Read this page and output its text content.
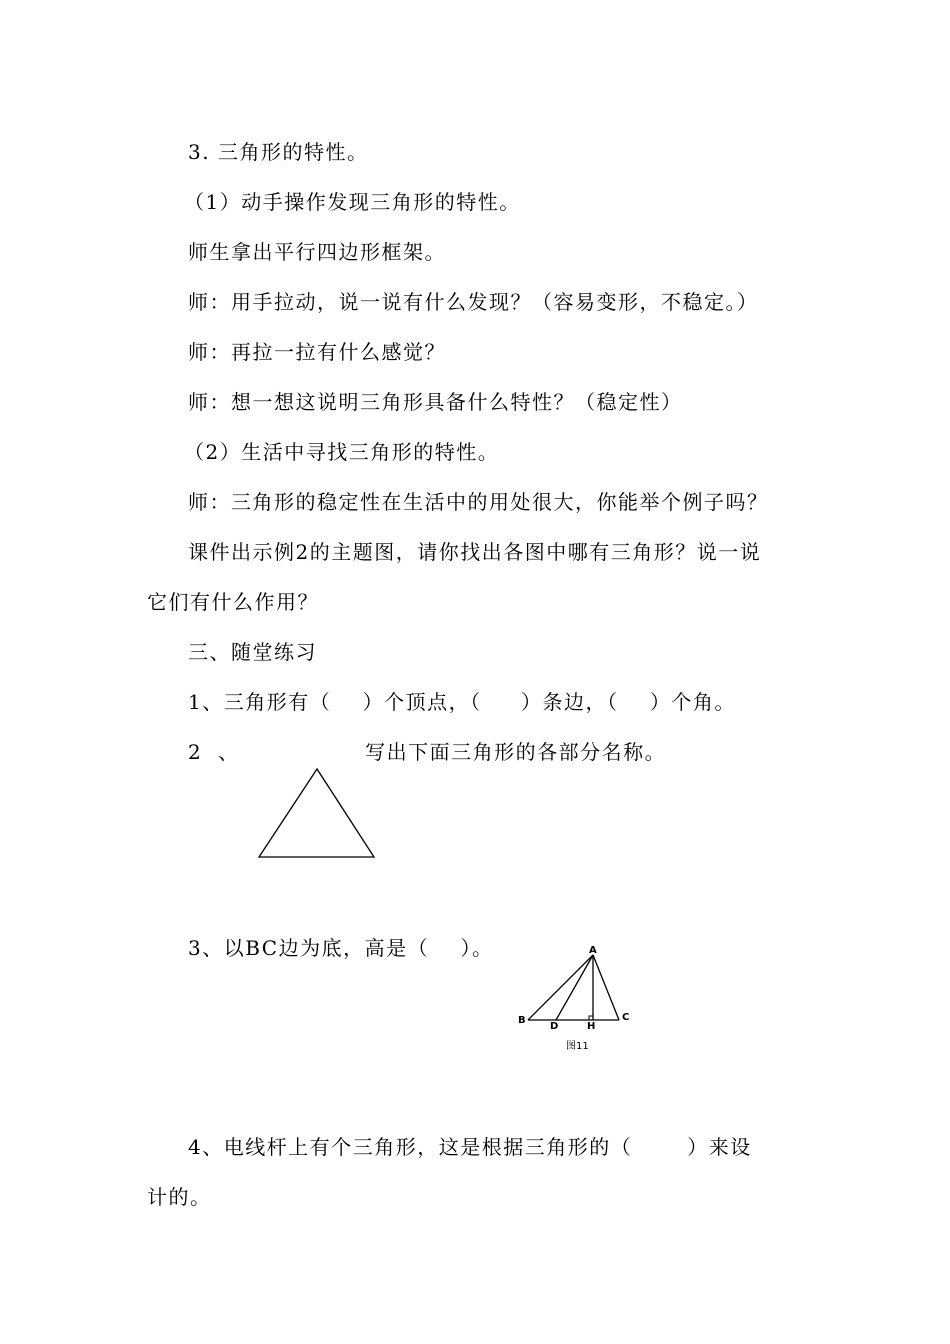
3. 三角形的特性。
（1）动手操作发现三角形的特性。
师生拿出平行四边形框架。
师：用手拉动，说一说有什么发现？（容易变形，不稳定。）
师：再拉一拉有什么感觉？
师：想一想这说明三角形具备什么特性？（稳定性）
（2）生活中寻找三角形的特性。
师：三角形的稳定性在生活中的用处很大，你能举个例子吗？
课件出示例2的主题图，请你找出各图中哪有三角形？说一说
它们有什么作用？
三、随堂练习
1、三角形有（    ）个顶点，（     ）条边，（    ）个角。
2  、                写出下面三角形的各部分名称。
3、以BC边为底，高是（    ）。	A
B
D	H
C
图11
4、电线杆上有个三角形，这是根据三角形的（       ）来设
计的。
